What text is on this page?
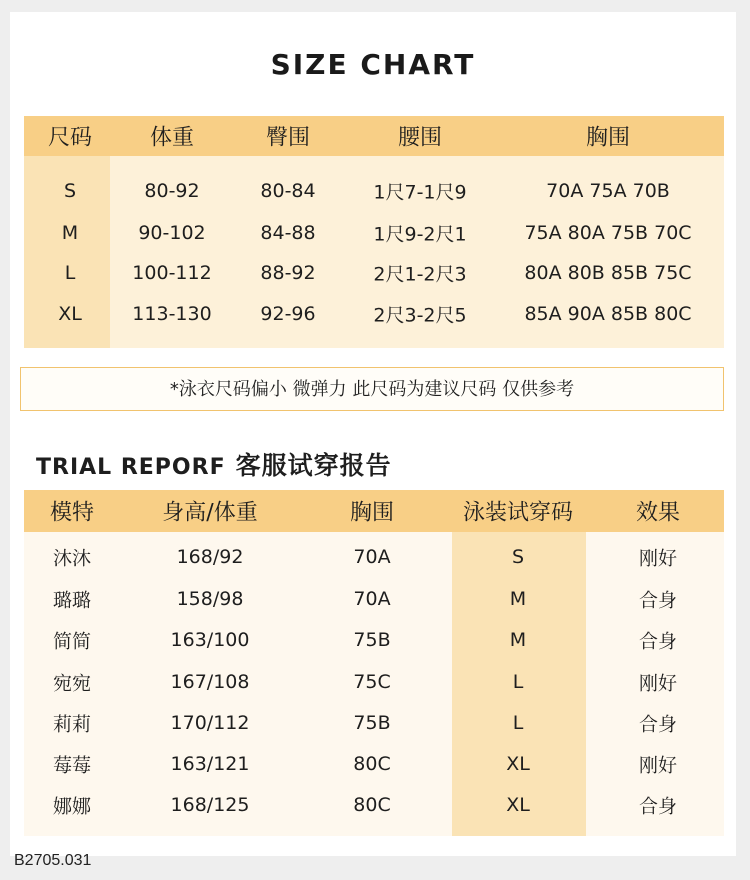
SIZE CHART
尺码	体重	臀围	腰围	胸围
S	80-92	80-84	1尺7-1尺9	70A 75A 70B
M	90-102	84-88	1尺9-2尺1	75A 80A 75B 70C
L	100-112	88-92	2尺1-2尺3	80A 80B 85B 75C
XL	113-130	92-96	2尺3-2尺5	85A 90A 85B 80C
*泳衣尺码偏小 微弹力 此尺码为建议尺码 仅供参考
TRIAL REPORF 客服试穿报告
模特	身高/体重	胸围	泳装试穿码	效果
沐沐	168/92	70A	S	刚好
璐璐	158/98	70A	M	合身
简简	163/100	75B	M	合身
宛宛	167/108	75C	L	刚好
莉莉	170/112	75B	L	合身
莓莓	163/121	80C	XL	刚好
娜娜	168/125	80C	XL	合身
B2705.031
